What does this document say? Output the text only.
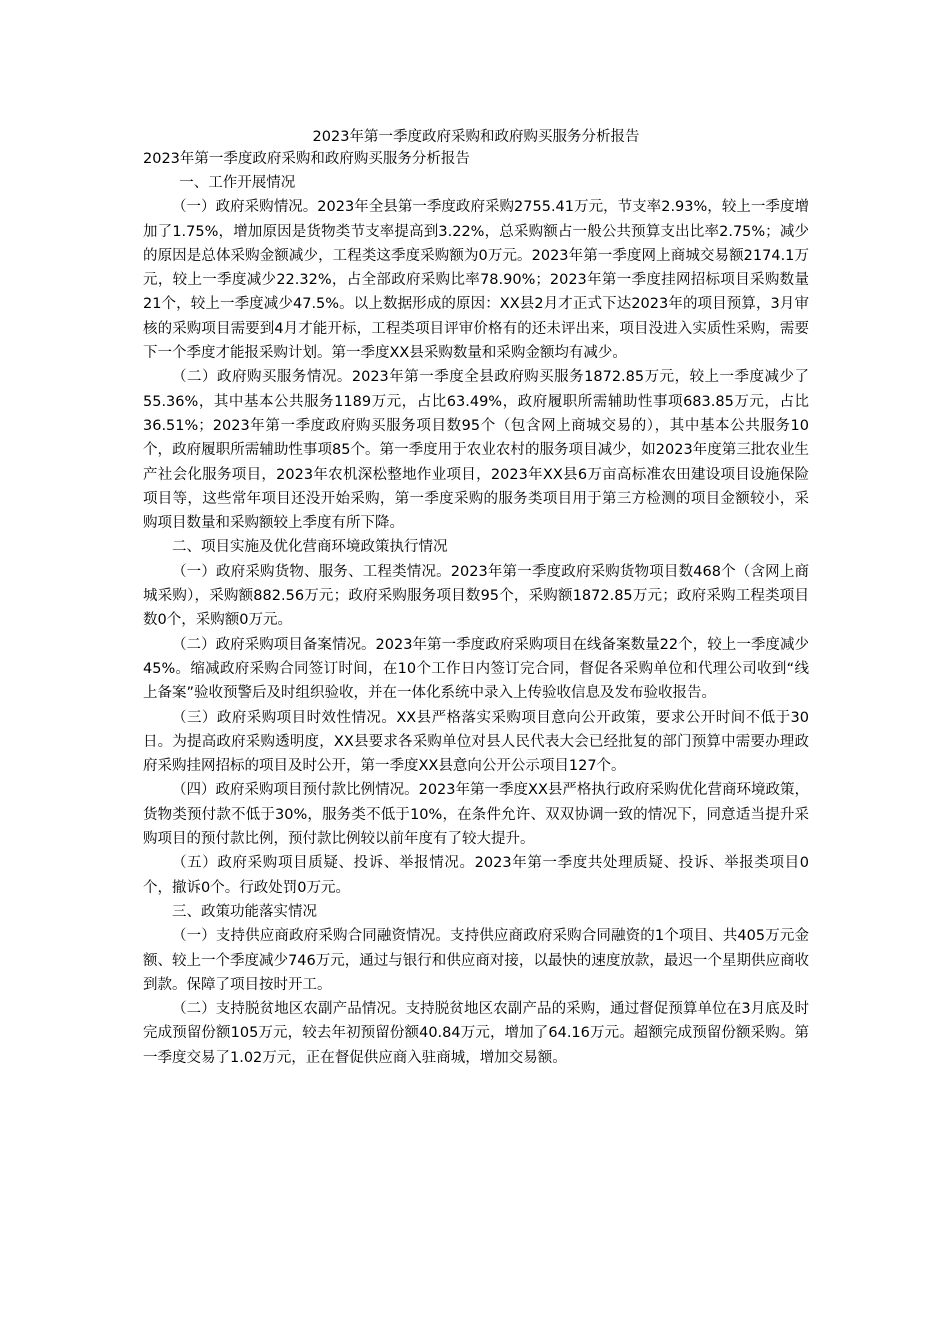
2023年第一季度政府采购和政府购买服务分析报告
2023年第一季度政府采购和政府购买服务分析报告

一、工作开展情况

（一）政府采购情况。2023年全县第一季度政府采购2755.41万元，节支率2.93%，较上一季度增加了1.75%，增加原因是货物类节支率提高到3.22%，总采购额占一般公共预算支出比率2.75%；减少的原因是总体采购金额减少，工程类这季度采购额为0万元。2023年第一季度网上商城交易额2174.1万元，较上一季度减少22.32%，占全部政府采购比率78.90%；2023年第一季度挂网招标项目采购数量21个，较上一季度减少47.5%。以上数据形成的原因：XX县2月才正式下达2023年的项目预算，3月审核的采购项目需要到4月才能开标，工程类项目评审价格有的还未评出来，项目没进入实质性采购，需要下一个季度才能报采购计划。第一季度XX县采购数量和采购金额均有减少。

（二）政府购买服务情况。2023年第一季度全县政府购买服务1872.85万元，较上一季度减少了55.36%，其中基本公共服务1189万元，占比63.49%，政府履职所需辅助性事项683.85万元，占比36.51%；2023年第一季度政府购买服务项目数95个（包含网上商城交易的），其中基本公共服务10个，政府履职所需辅助性事项85个。第一季度用于农业农村的服务项目减少，如2023年度第三批农业生产社会化服务项目，2023年农机深松整地作业项目，2023年XX县6万亩高标准农田建设项目设施保险项目等，这些常年项目还没开始采购，第一季度采购的服务类项目用于第三方检测的项目金额较小，采购项目数量和采购额较上季度有所下降。

二、项目实施及优化营商环境政策执行情况

（一）政府采购货物、服务、工程类情况。2023年第一季度政府采购货物项目数468个（含网上商城采购），采购额882.56万元；政府采购服务项目数95个，采购额1872.85万元；政府采购工程类项目数0个，采购额0万元。

（二）政府采购项目备案情况。2023年第一季度政府采购项目在线备案数量22个，较上一季度减少45%。缩减政府采购合同签订时间，在10个工作日内签订完合同，督促各采购单位和代理公司收到“线上备案”验收预警后及时组织验收，并在一体化系统中录入上传验收信息及发布验收报告。

（三）政府采购项目时效性情况。XX县严格落实采购项目意向公开政策，要求公开时间不低于30日。为提高政府采购透明度，XX县要求各采购单位对县人民代表大会已经批复的部门预算中需要办理政府采购挂网招标的项目及时公开，第一季度XX县意向公开公示项目127个。

（四）政府采购项目预付款比例情况。2023年第一季度XX县严格执行政府采购优化营商环境政策，货物类预付款不低于30%，服务类不低于10%，在条件允许、双双协调一致的情况下，同意适当提升采购项目的预付款比例，预付款比例较以前年度有了较大提升。

（五）政府采购项目质疑、投诉、举报情况。2023年第一季度共处理质疑、投诉、举报类项目0个，撤诉0个。行政处罚0万元。

三、政策功能落实情况

（一）支持供应商政府采购合同融资情况。支持供应商政府采购合同融资的1个项目、共405万元金额、较上一个季度减少746万元，通过与银行和供应商对接，以最快的速度放款，最迟一个星期供应商收到款。保障了项目按时开工。

（二）支持脱贫地区农副产品情况。支持脱贫地区农副产品的采购，通过督促预算单位在3月底及时完成预留份额105万元，较去年初预留份额40.84万元，增加了64.16万元。超额完成预留份额采购。第一季度交易了1.02万元，正在督促供应商入驻商城，增加交易额。
